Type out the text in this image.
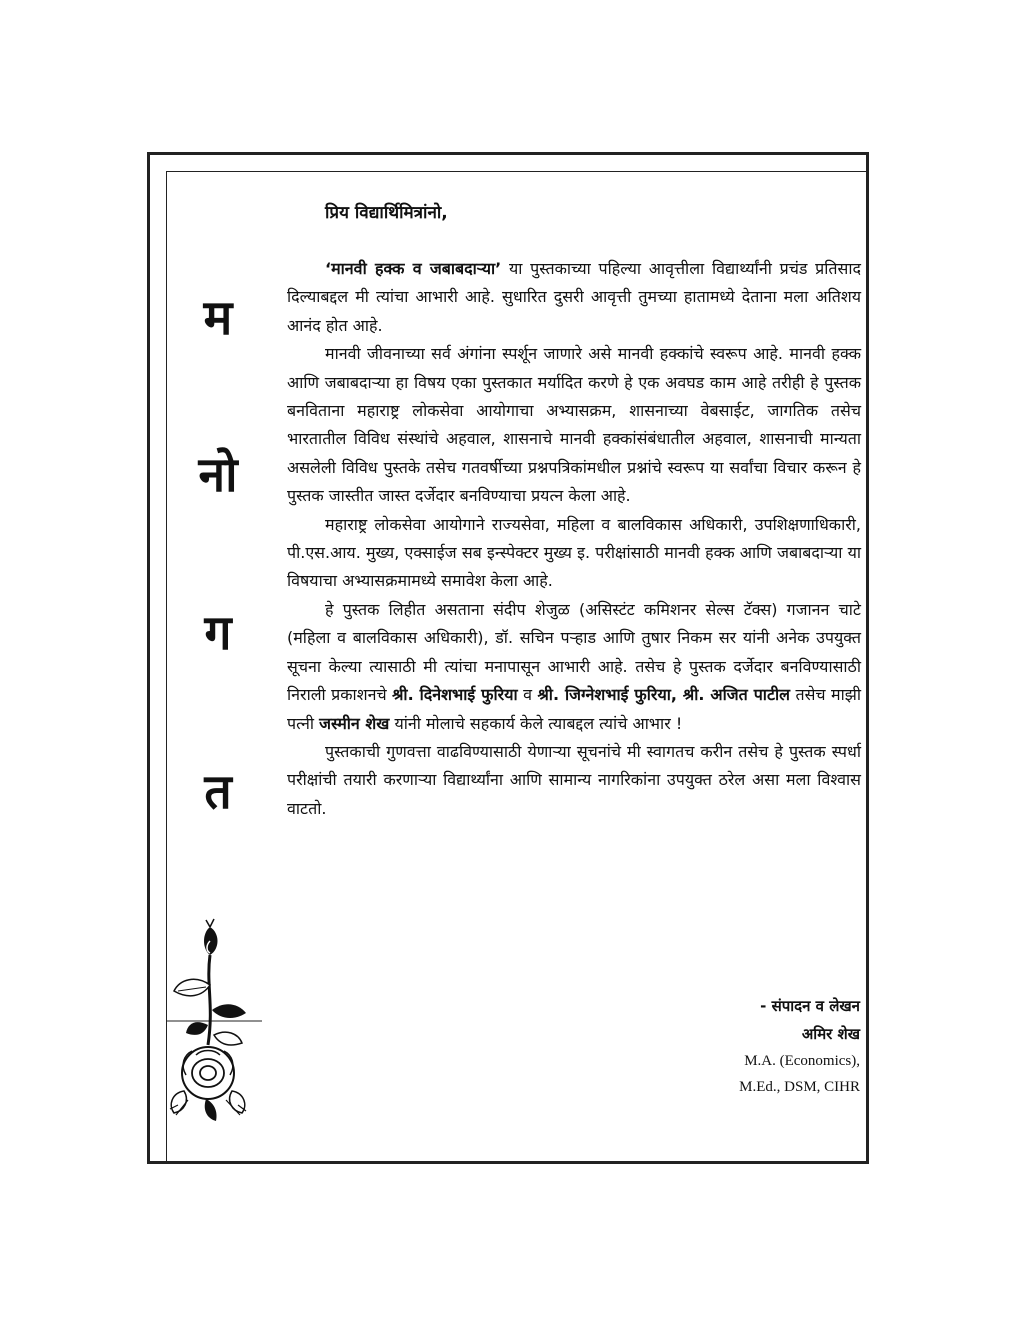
म
नो
ग
त
प्रिय विद्यार्थिमित्रांनो,

‘मानवी हक्क व जबाबदाऱ्या’ या पुस्तकाच्या पहिल्या आवृत्तीला विद्यार्थ्यांनी प्रचंड प्रतिसाद दिल्याबद्दल मी त्यांचा आभारी आहे. सुधारित दुसरी आवृत्ती तुमच्या हातामध्ये देताना मला अतिशय आनंद होत आहे.

मानवी जीवनाच्या सर्व अंगांना स्पर्शून जाणारे असे मानवी हक्कांचे स्वरूप आहे. मानवी हक्क आणि जबाबदाऱ्या हा विषय एका पुस्तकात मर्यादित करणे हे एक अवघड काम आहे तरीही हे पुस्तक बनविताना महाराष्ट्र लोकसेवा आयोगाचा अभ्यासक्रम, शासनाच्या वेबसाईट, जागतिक तसेच भारतातील विविध संस्थांचे अहवाल, शासनाचे मानवी हक्कांसंबंधातील अहवाल, शासनाची मान्यता असलेली विविध पुस्तके तसेच गतवर्षीच्या प्रश्नपत्रिकांमधील प्रश्नांचे स्वरूप या सर्वांचा विचार करून हे पुस्तक जास्तीत जास्त दर्जेदार बनविण्याचा प्रयत्न केला आहे.

महाराष्ट्र लोकसेवा आयोगाने राज्यसेवा, महिला व बालविकास अधिकारी, उपशिक्षणाधिकारी, पी.एस.आय. मुख्य, एक्साईज सब इन्स्पेक्टर मुख्य इ. परीक्षांसाठी मानवी हक्क आणि जबाबदाऱ्या या विषयाचा अभ्यासक्रमामध्ये समावेश केला आहे.

हे पुस्तक लिहीत असताना संदीप शेजुळ (असिस्टंट कमिशनर सेल्स टॅक्स) गजानन चाटे (महिला व बालविकास अधिकारी), डॉ. सचिन पऱ्हाड आणि तुषार निकम सर यांनी अनेक उपयुक्त सूचना केल्या त्यासाठी मी त्यांचा मनापासून आभारी आहे. तसेच हे पुस्तक दर्जेदार बनविण्यासाठी निराली प्रकाशनचे श्री. दिनेशभाई फुरिया व श्री. जिग्नेशभाई फुरिया, श्री. अजित पाटील तसेच माझी पत्नी जस्मीन शेख यांनी मोलाचे सहकार्य केले त्याबद्दल त्यांचे आभार !

पुस्तकाची गुणवत्ता वाढविण्यासाठी येणाऱ्या सूचनांचे मी स्वागतच करीन तसेच हे पुस्तक स्पर्धा परीक्षांची तयारी करणाऱ्या विद्यार्थ्यांना आणि सामान्य नागरिकांना उपयुक्त ठरेल असा मला विश्वास वाटतो.

- संपादन व लेखन
अमिर शेख
M.A. (Economics),
M.Ed., DSM, CIHR
